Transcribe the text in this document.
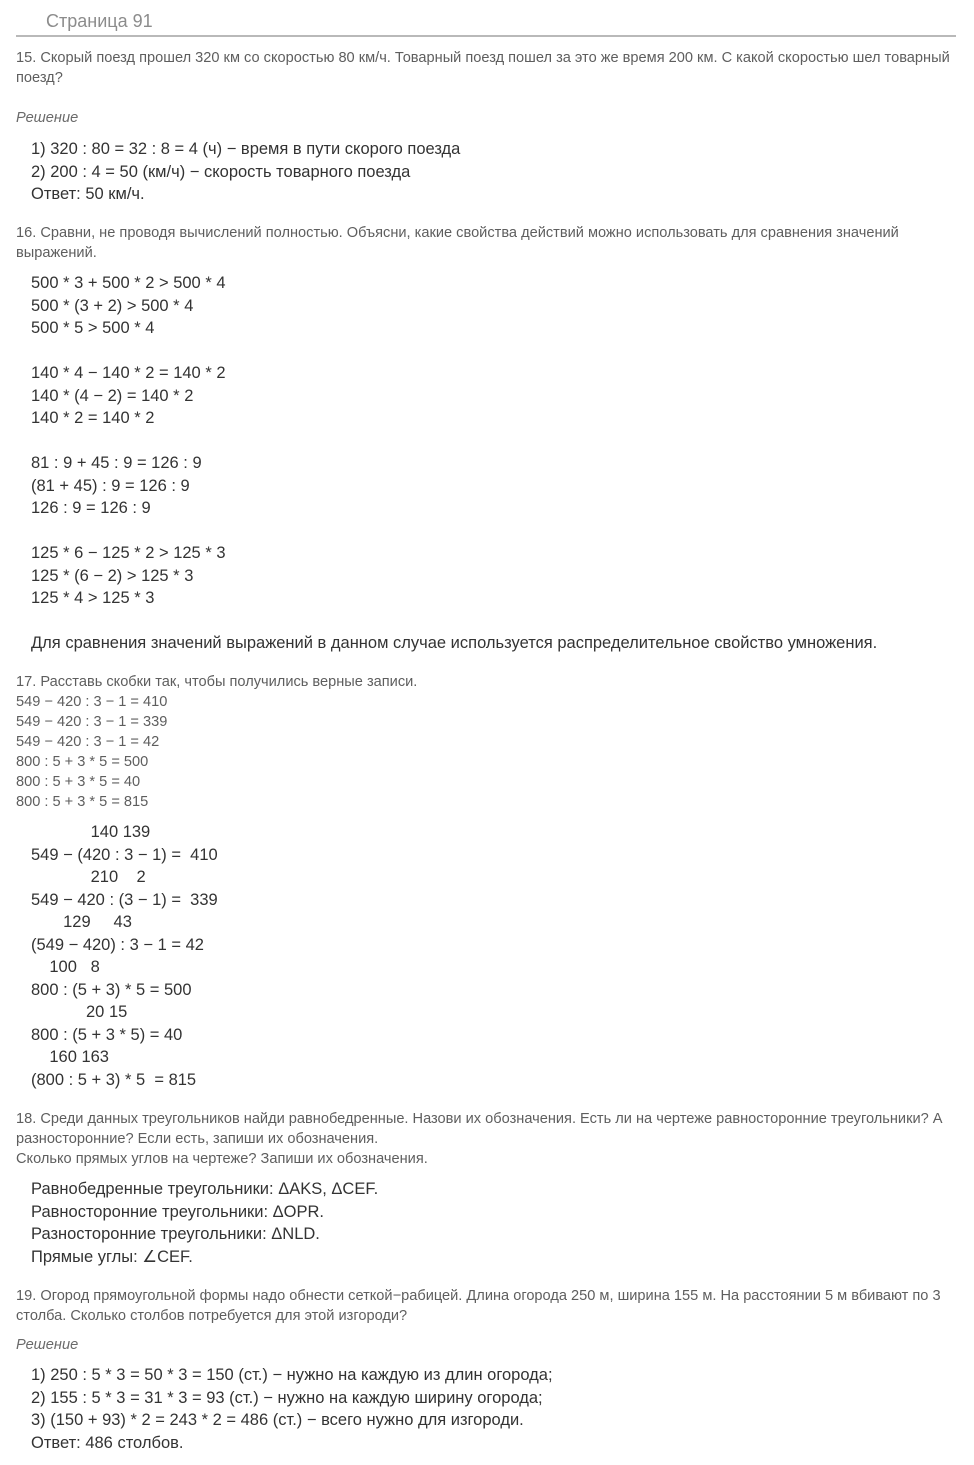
Страница 91
15. Скорый поезд прошел 320 км со скоростью 80 км/ч. Товарный поезд пошел за это же время 200 км. С какой скоростью шел товарный поезд?
Решение
1) 320 : 80 = 32 : 8 = 4 (ч) − время в пути скорого поезда
2) 200 : 4 = 50 (км/ч) − скорость товарного поезда
Ответ: 50 км/ч.
16. Сравни, не проводя вычислений полностью. Объясни, какие свойства действий можно использовать для сравнения значений выражений.
500 * 3 + 500 * 2 > 500 * 4
500 * (3 + 2) > 500 * 4
500 * 5 > 500 * 4
140 * 4 − 140 * 2 = 140 * 2
140 * (4 − 2) = 140 * 2
140 * 2 = 140 * 2
81 : 9 + 45 : 9 = 126 : 9
(81 + 45) : 9 = 126 : 9
126 : 9 = 126 : 9
125 * 6 − 125 * 2 > 125 * 3
125 * (6 − 2) > 125 * 3
125 * 4 > 125 * 3
Для сравнения значений выражений в данном случае используется распределительное свойство умножения.
17. Расставь скобки так, чтобы получились верные записи.
549 − 420 : 3 − 1 = 410
549 − 420 : 3 − 1 = 339
549 − 420 : 3 − 1 = 42
800 : 5 + 3 * 5 = 500
800 : 5 + 3 * 5 = 40
800 : 5 + 3 * 5 = 815
140 139
549 − (420 : 3 − 1) =  410
210    2
549 − 420 : (3 − 1) =  339
129     43
(549 − 420) : 3 − 1 = 42
100   8
800 : (5 + 3) * 5 = 500
20 15
800 : (5 + 3 * 5) = 40
160 163
(800 : 5 + 3) * 5  = 815
18. Среди данных треугольников найди равнобедренные. Назови их обозначения. Есть ли на чертеже равносторонние треугольники? А разносторонние? Если есть, запиши их обозначения.
Сколько прямых углов на чертеже? Запиши их обозначения.
Равнобедренные треугольники: ΔAKS, ΔCEF.
Равносторонние треугольники: ΔOPR.
Разносторонние треугольники: ΔNLD.
Прямые углы: ∠CEF.
19. Огород прямоугольной формы надо обнести сеткой−рабицей. Длина огорода 250 м, ширина 155 м. На расстоянии 5 м вбивают по 3 столба. Сколько столбов потребуется для этой изгороди?
Решение
1) 250 : 5 * 3 = 50 * 3 = 150 (ст.) − нужно на каждую из длин огорода;
2) 155 : 5 * 3 = 31 * 3 = 93 (ст.) − нужно на каждую ширину огорода;
3) (150 + 93) * 2 = 243 * 2 = 486 (ст.) − всего нужно для изгороди.
Ответ: 486 столбов.
